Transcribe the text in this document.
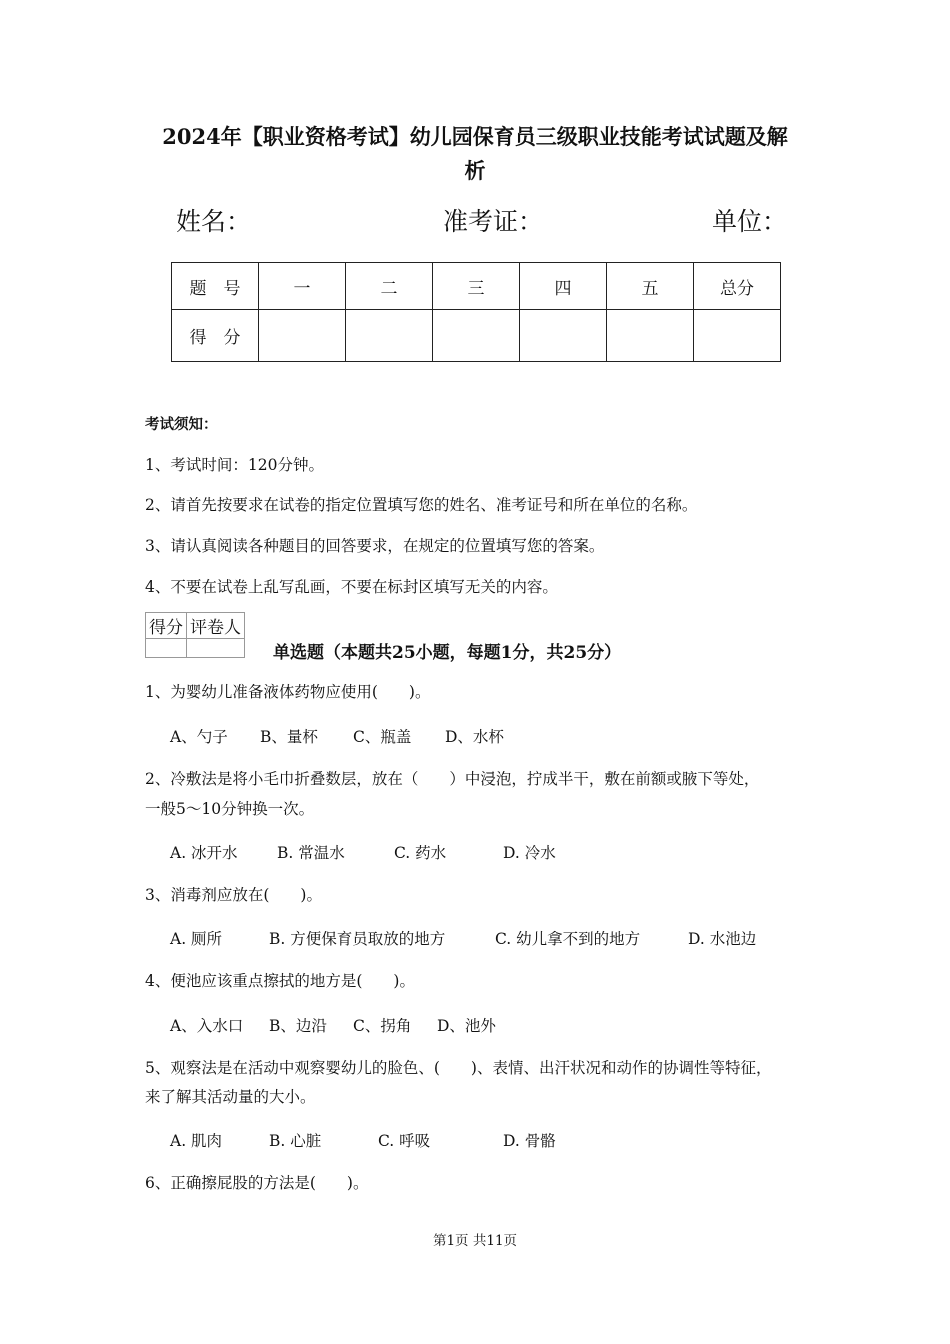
2024年【职业资格考试】幼儿园保育员三级职业技能考试试题及解
析
姓名：	准考证：	单位：
题　号	一	二	三	四	五	总分
得　分						
考试须知：
1、考试时间：120分钟。
2、请首先按要求在试卷的指定位置填写您的姓名、准考证号和所在单位的名称。
3、请认真阅读各种题目的回答要求，在规定的位置填写您的答案。
4、不要在试卷上乱写乱画，不要在标封区填写无关的内容。
得分	评卷人

单选题（本题共25小题，每题1分，共25分）
1、为婴幼儿准备液体药物应使用(　　)。
A、勺子 B、量杯 C、瓶盖 D、水杯
2、冷敷法是将小毛巾折叠数层，放在（　　）中浸泡，拧成半干，敷在前额或腋下等处，
一般5～10分钟换一次。
A. 冰开水	B. 常温水	C. 药水	D. 冷水
3、消毒剂应放在(　　)。
A. 厕所	B. 方便保育员取放的地方	C. 幼儿拿不到的地方	D. 水池边
4、便池应该重点擦拭的地方是(　　)。
A、入水口 B、边沿 C、拐角 D、池外
5、观察法是在活动中观察婴幼儿的脸色、(　　)、表情、出汗状况和动作的协调性等特征，
来了解其活动量的大小。
A. 肌肉	B. 心脏	C. 呼吸	D. 骨骼
6、正确擦屁股的方法是(　　)。
第1页 共11页
